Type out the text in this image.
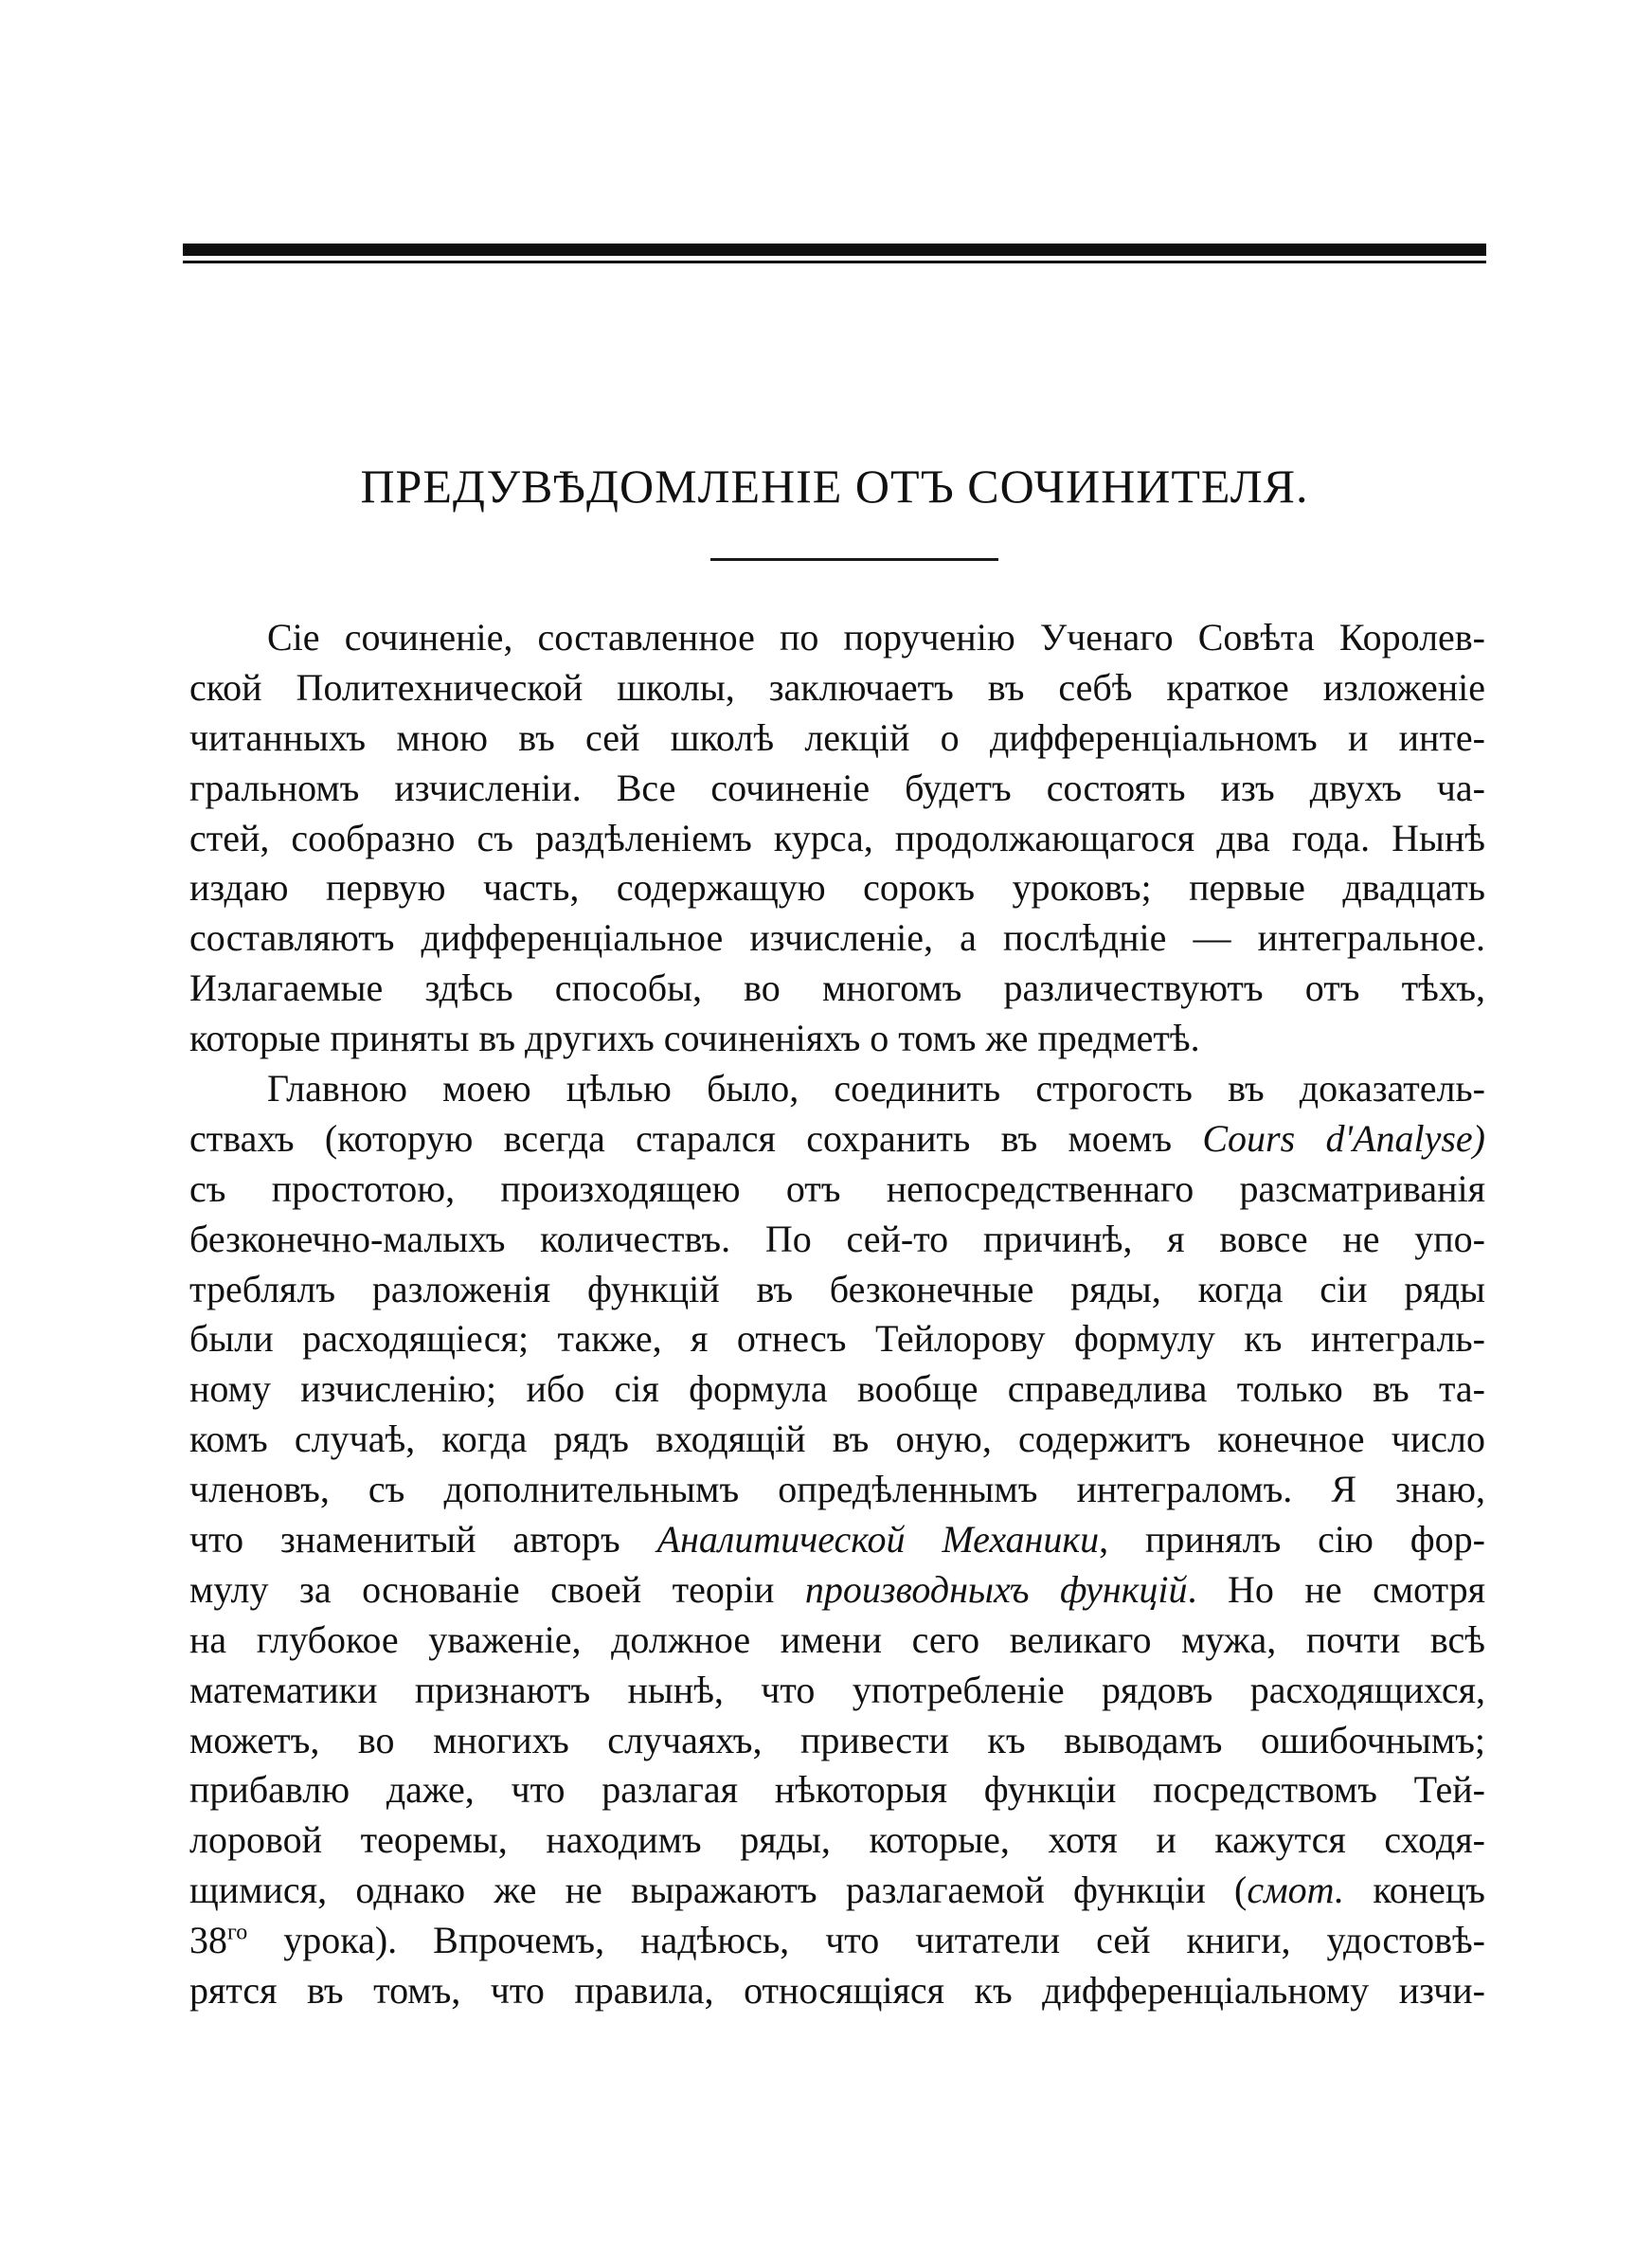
ПРЕДУВѢДОМЛЕНІЕ ОТЪ СОЧИНИТЕЛЯ.
Сіе сочиненіе, составленное по порученію Ученаго Совѣта Королев-
ской Политехнической школы, заключаетъ въ себѣ краткое изложеніе
читанныхъ мною въ сей школѣ лекцій о дифференціальномъ и инте-
гральномъ изчисленіи. Все сочиненіе будетъ состоять изъ двухъ ча-
стей, сообразно съ раздѣленіемъ курса, продолжающагося два года. Нынѣ
издаю первую часть, содержащую сорокъ уроковъ; первые двадцать
составляютъ дифференціальное изчисленіе, а послѣдніе — интегральное.
Излагаемые здѣсь способы, во многомъ различествуютъ отъ тѣхъ,
которые приняты въ другихъ сочиненіяхъ о томъ же предметѣ.
Главною моею цѣлью было, соединить строгость въ доказатель-
ствахъ (которую всегда старался сохранить въ моемъ Cours d'Analyse)
съ простотою, произходящею отъ непосредственнаго разсматриванія
безконечно-малыхъ количествъ. По сей-то причинѣ, я вовсе не упо-
треблялъ разложенія функцій въ безконечные ряды, когда сіи ряды
были расходящіеся; также, я отнесъ Тейлорову формулу къ интеграль-
ному изчисленію; ибо сія формула вообще справедлива только въ та-
комъ случаѣ, когда рядъ входящій въ оную, содержитъ конечное число
членовъ, съ дополнительнымъ опредѣленнымъ интеграломъ. Я знаю,
что знаменитый авторъ Аналитической Механики, принялъ сію фор-
мулу за основаніе своей теоріи производныхъ функцій. Но не смотря
на глубокое уваженіе, должное имени сего великаго мужа, почти всѣ
математики признаютъ нынѣ, что употребленіе рядовъ расходящихся,
можетъ, во многихъ случаяхъ, привести къ выводамъ ошибочнымъ;
прибавлю даже, что разлагая нѣкоторыя функціи посредствомъ Тей-
лоровой теоремы, находимъ ряды, которые, хотя и кажутся сходя-
щимися, однако же не выражаютъ разлагаемой функціи (смот. конецъ
$38^{го}$ урока). Впрочемъ, надѣюсь, что читатели сей книги, удостовѣ-
рятся въ томъ, что правила, относящіяся къ дифференціальному изчи-
